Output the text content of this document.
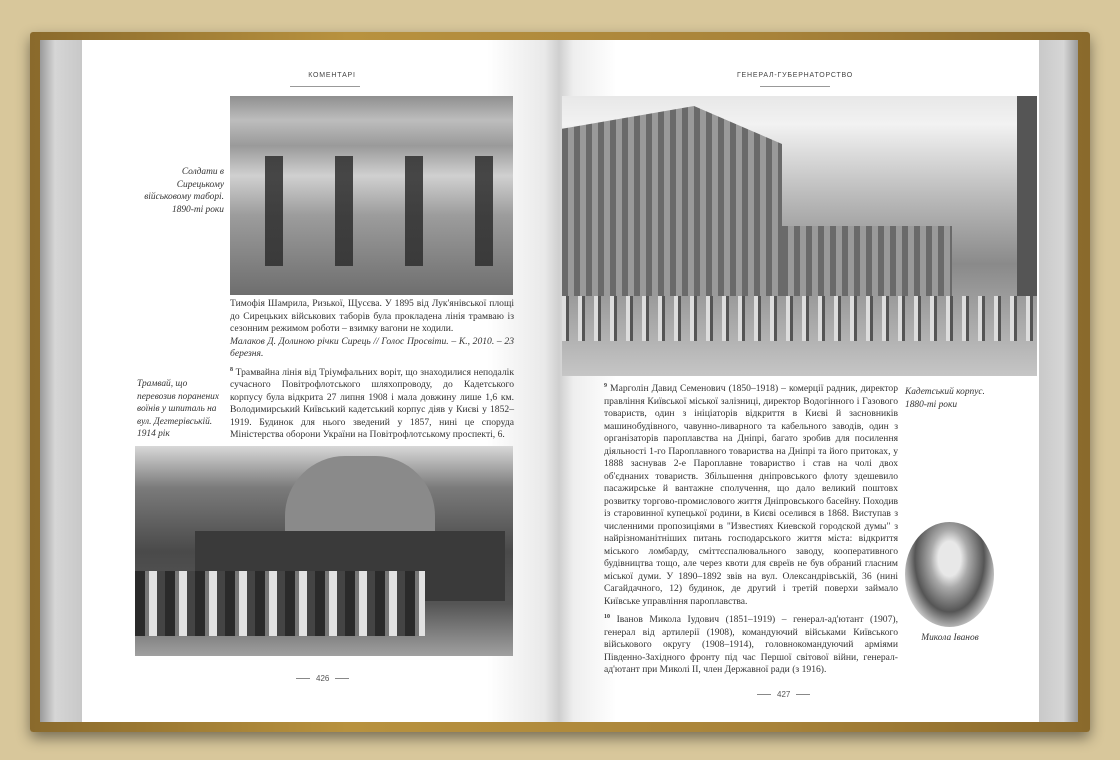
КОМЕНТАРІ
Солдати в Сирецькому військовому таборі. 1890-ті роки
Тимофія Шамрила, Ризької, Щусєва. У 1895 від Лук'янівської площі до Сирецьких військових таборів була прокладена лінія трамваю із сезонним режимом роботи – взимку вагони не ходили.
Малаков Д. Долиною річки Сирець // Голос Просвіти. – К., 2010. – 23 березня.
$^8$ Трамвайна лінія від Тріумфальних воріт, що знаходилися неподалік сучасного Повітрофлотського шляхопроводу, до Кадетського корпусу була відкрита 27 липня 1908 і мала довжину лише 1,6 км. Володимирський Київський кадетський корпус діяв у Києві у 1852–1919. Будинок для нього зведений у 1857, нині це споруда Міністерства оборони України на Повітрофлотському проспекті, 6.
Трамвай, що перевозив поранених воїнів у шпиталь на вул. Дегтерівській. 1914 рік
426
ГЕНЕРАЛ-ГУБЕРНАТОРСТВО
Кадетський корпус. 1880-ті роки
$^9$ Марголін Давид Семенович (1850–1918) – комерції радник, директор правління Київської міської залізниці, директор Водогінного і Газового товариств, один з ініціаторів відкриття в Києві й засновників машинобудівного, чавунно-ливарного та кабельного заводів, один з організаторів пароплавства на Дніпрі, багато зробив для посилення діяльності 1-го Пароплавного товариства на Дніпрі та його притоках, у 1888 заснував 2-е Пароплавне товариство і став на чолі двох об'єднаних товариств. Збільшення дніпровського флоту здешевило пасажирське й вантажне сполучення, що дало великий поштовх розвитку торгово-промислового життя Дніпровського басейну. Походив із старовинної купецької родини, в Києві оселився в 1868. Виступав з численними пропозиціями в "Известиях Киевской городской думы" з найрізноманітніших питань господарського життя міста: відкриття міського ломбарду, сміттєспалювального заводу, кооперативного будівництва тощо, але через квоти для євреїв не був обраний гласним міської думи. У 1890–1892 звів на вул. Олександрівській, 36 (нині Сагайдачного, 12) будинок, де другий і третій поверхи займало Київське управління пароплавства.
$^{10}$ Іванов Микола Іудович (1851–1919) – генерал-ад'ютант (1907), генерал від артилерії (1908), командуючий військами Київського військового округу (1908–1914), головнокомандуючий арміями Південно-Західного фронту під час Першої світової війни, генерал-ад'ютант при Миколі II, член Державної ради (з 1916).
Микола Іванов
427
